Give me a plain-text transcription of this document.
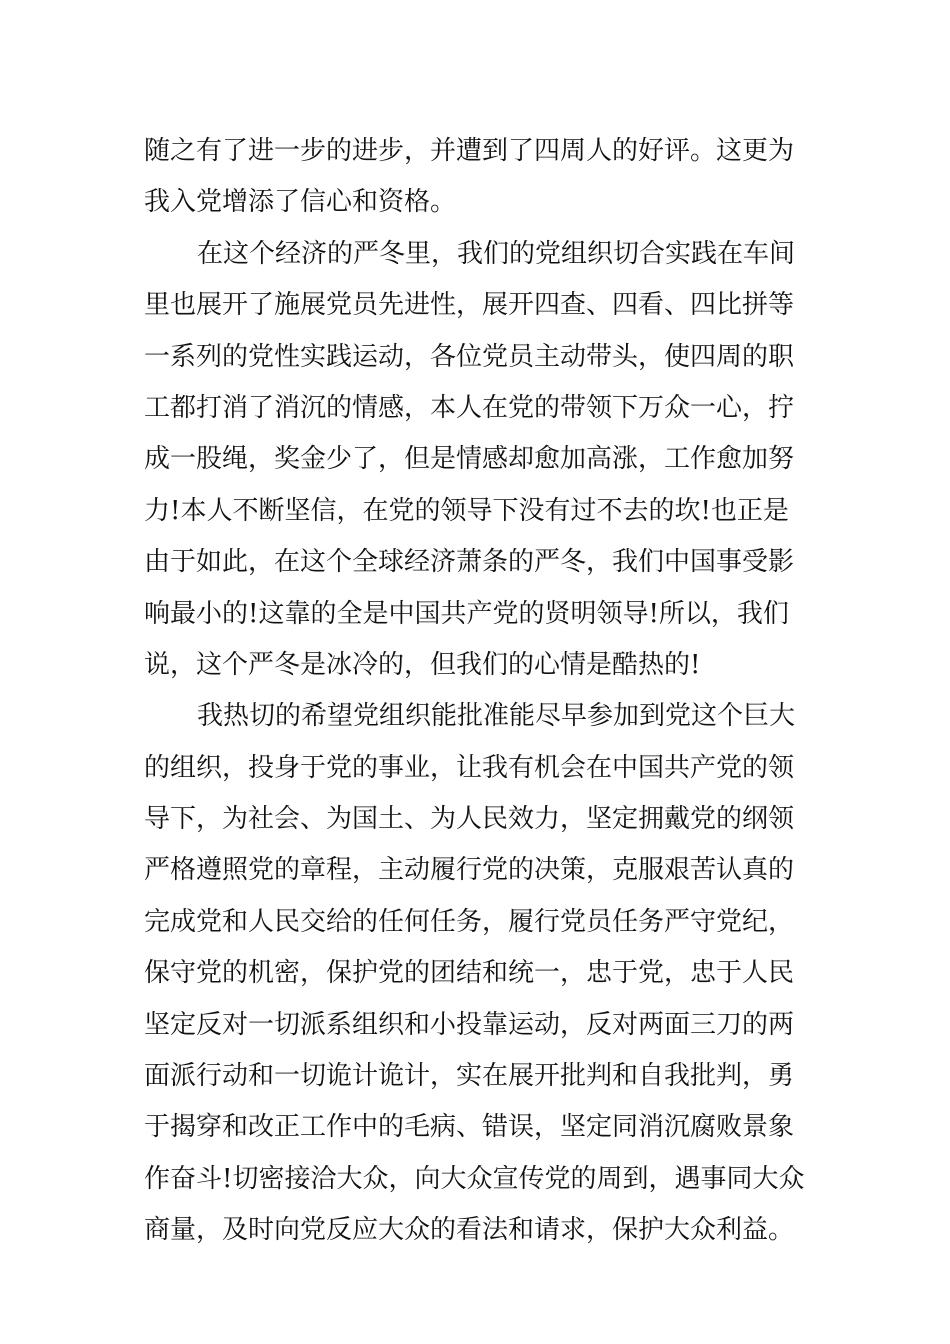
随之有了进一步的进步，并遭到了四周人的好评。这更为
我入党增添了信心和资格。
在这个经济的严冬里，我们的党组织切合实践在车间
里也展开了施展党员先进性，展开四查、四看、四比拼等
一系列的党性实践运动，各位党员主动带头，使四周的职
工都打消了消沉的情感，本人在党的带领下万众一心，拧
成一股绳，奖金少了，但是情感却愈加高涨，工作愈加努
力!本人不断坚信，在党的领导下没有过不去的坎!也正是
由于如此，在这个全球经济萧条的严冬，我们中国事受影
响最小的!这靠的全是中国共产党的贤明领导!所以，我们
说，这个严冬是冰冷的，但我们的心情是酷热的!
我热切的希望党组织能批准能尽早参加到党这个巨大
的组织，投身于党的事业，让我有机会在中国共产党的领
导下，为社会、为国土、为人民效力，坚定拥戴党的纲领
严格遵照党的章程，主动履行党的决策，克服艰苦认真的
完成党和人民交给的任何任务，履行党员任务严守党纪，
保守党的机密，保护党的团结和统一，忠于党，忠于人民
坚定反对一切派系组织和小投靠运动，反对两面三刀的两
面派行动和一切诡计诡计，实在展开批判和自我批判，勇
于揭穿和改正工作中的毛病、错误，坚定同消沉腐败景象
作奋斗!切密接洽大众，向大众宣传党的周到，遇事同大众
商量，及时向党反应大众的看法和请求，保护大众利益。
